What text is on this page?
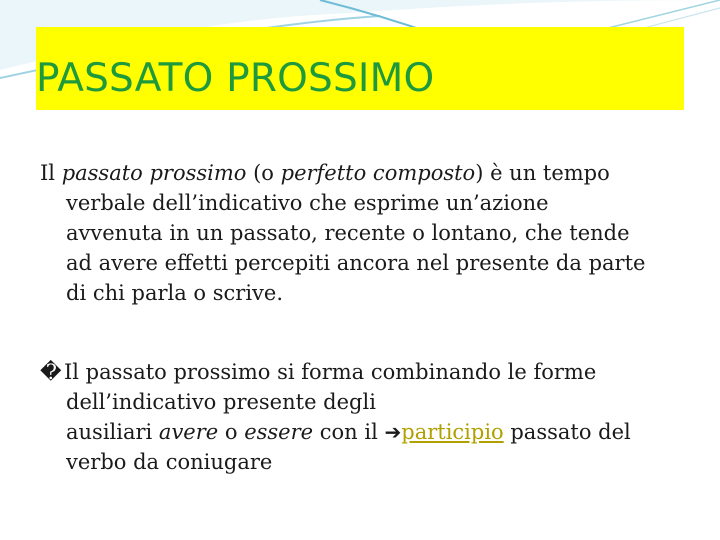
PASSATO PROSSIMO
Il passato prossimo (o perfetto composto) è un tempo
verbale dell’indicativo che esprime un’azione
avvenuta in un passato, recente o lontano, che tende
ad avere effetti percepiti ancora nel presente da parte
di chi parla o scrive.
� Il passato prossimo si forma combinando le forme
dell’indicativo presente degli
ausiliari avere o essere con il ➔participio passato del
verbo da coniugare
